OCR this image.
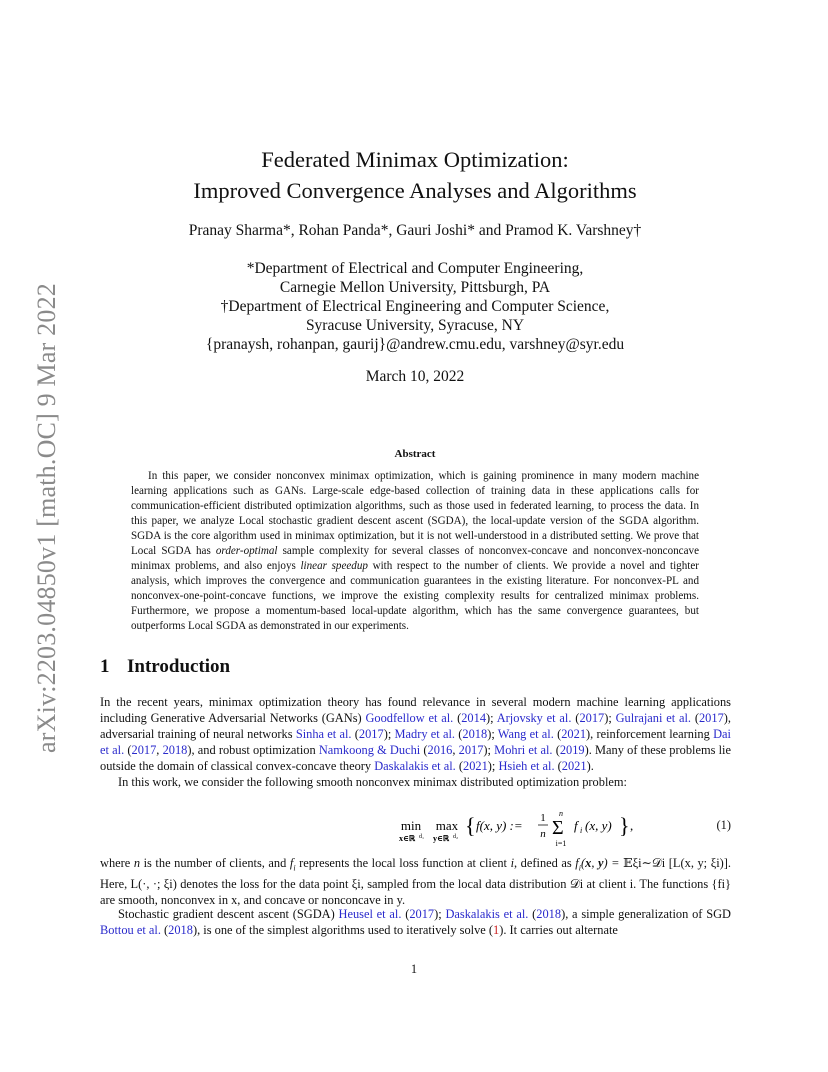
arXiv:2203.04850v1 [math.OC] 9 Mar 2022
Federated Minimax Optimization:
Improved Convergence Analyses and Algorithms
Pranay Sharma*, Rohan Panda*, Gauri Joshi* and Pramod K. Varshney†
*Department of Electrical and Computer Engineering,
Carnegie Mellon University, Pittsburgh, PA
†Department of Electrical Engineering and Computer Science,
Syracuse University, Syracuse, NY
{pranaysh, rohanpan, gaurij}@andrew.cmu.edu, varshney@syr.edu
March 10, 2022
Abstract
In this paper, we consider nonconvex minimax optimization, which is gaining prominence in many modern machine learning applications such as GANs. Large-scale edge-based collection of training data in these applications calls for communication-efficient distributed optimization algorithms, such as those used in federated learning, to process the data. In this paper, we analyze Local stochastic gradient descent ascent (SGDA), the local-update version of the SGDA algorithm. SGDA is the core algorithm used in minimax optimization, but it is not well-understood in a distributed setting. We prove that Local SGDA has order-optimal sample complexity for several classes of nonconvex-concave and nonconvex-nonconcave minimax problems, and also enjoys linear speedup with respect to the number of clients. We provide a novel and tighter analysis, which improves the convergence and communication guarantees in the existing literature. For nonconvex-PL and nonconvex-one-point-concave functions, we improve the existing complexity results for centralized minimax problems. Furthermore, we propose a momentum-based local-update algorithm, which has the same convergence guarantees, but outperforms Local SGDA as demonstrated in our experiments.
1 Introduction
In the recent years, minimax optimization theory has found relevance in several modern machine learning applications including Generative Adversarial Networks (GANs) Goodfellow et al. (2014); Arjovsky et al. (2017); Gulrajani et al. (2017), adversarial training of neural networks Sinha et al. (2017); Madry et al. (2018); Wang et al. (2021), reinforcement learning Dai et al. (2017, 2018), and robust optimization Namkoong & Duchi (2016, 2017); Mohri et al. (2019). Many of these problems lie outside the domain of classical convex-concave theory Daskalakis et al. (2021); Hsieh et al. (2021).
In this work, we consider the following smooth nonconvex minimax distributed optimization problem:
min
x∈ℝ d₁
max
y∈ℝ d₂ { f(x, y) := 1
n
n
Σ
i=1
f i (x, y) } ,	(1)
where n is the number of clients, and $f_i$ represents the local loss function at client i, defined as $f_i(x$, y) = 𝔼ξi∼𝒟i [L(x, y; ξi)]. Here, L(·, ·; ξi) denotes the loss for the data point ξi, sampled from the local data distribution 𝒟i at client i. The functions {fi} are smooth, nonconvex in x, and concave or nonconcave in y.
Stochastic gradient descent ascent (SGDA) Heusel et al. (2017); Daskalakis et al. (2018), a simple generalization of SGD Bottou et al. (2018), is one of the simplest algorithms used to iteratively solve (1). It carries out alternate
1
